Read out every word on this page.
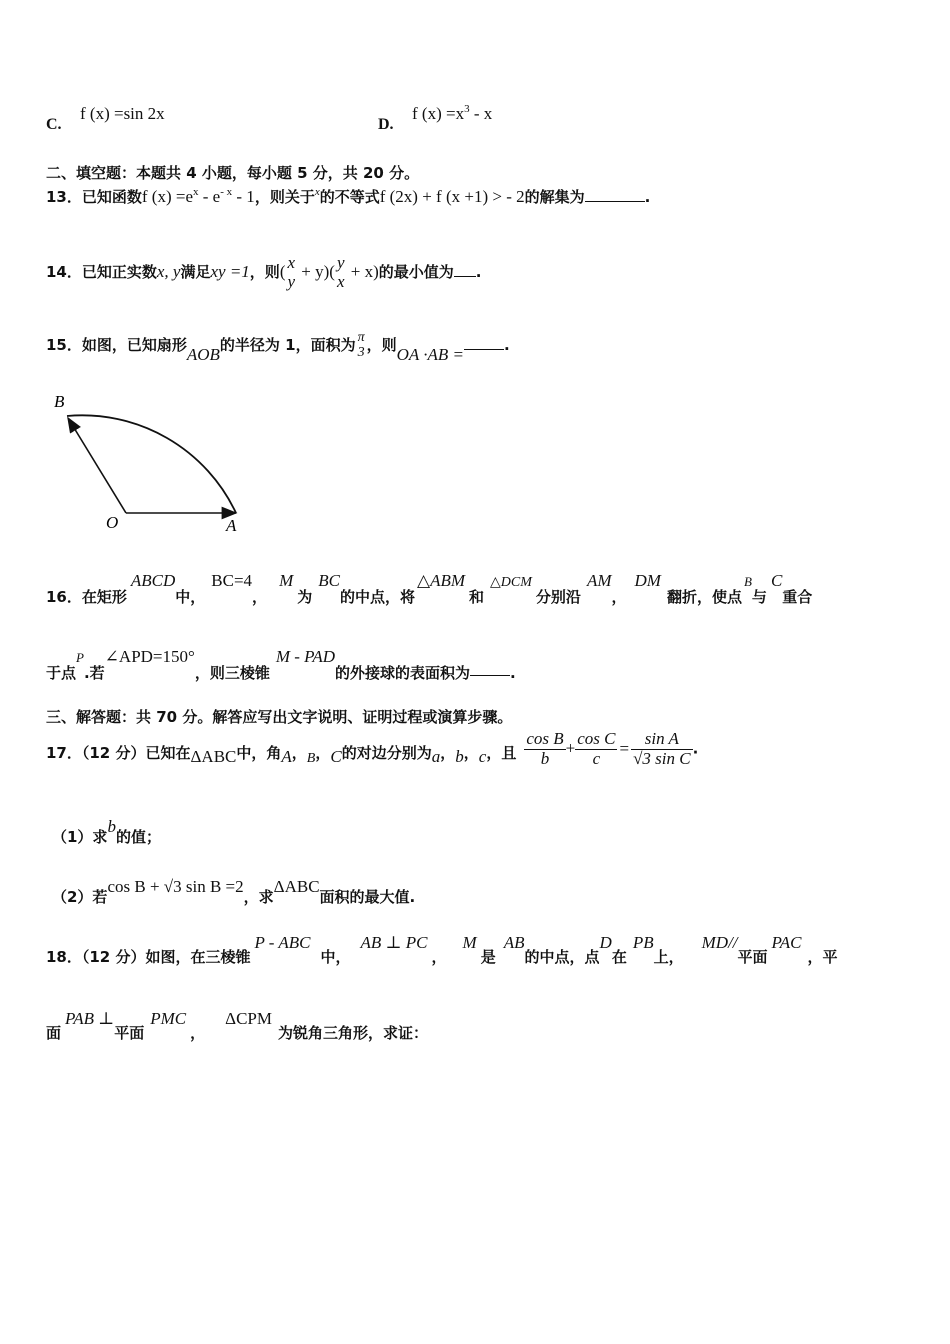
C.
f (x) =sin 2x
D.
f $(x) =x^3 - x$
二、填空题：本题共 4 小题，每小题 5 分，共 20 分。
13．已知函数f $(x) =e^x - e^{- x} - 1$，则关于$^x$的不等式f (2x) + f (x +1) > - 2的解集为	.
14．已知正实数x, y满足xy =1，则( x
y + y)( y
x + x)的最小值为 .
15．如图，已知扇形AOB的半径为 1，面积为 π
3 ，则OA ·AB =	.
B
O	A
16．在矩形ABCD中，BC=4，M为BC的中点，将△ABM和△DCM分别沿AM，DM翻折，使点B与C重合
于点P.若∠APD=150°，则三棱锥M - PAD的外接球的表面积为	.
三、解答题：共 70 分。解答应写出文字说明、证明过程或演算步骤。
17．（12 分）已知在ΔABC中，角A，B，C的对边分别为a，b，c，且 $\frac{\text{cos B}}{b} + \frac{\text{cos C}}{c} = \frac{\text{sin A}}{\text{√3 sin C}}$ .
（1）求b的值；
（2）若cos B + √3 sin B =2，求ΔABC面积的最大值.
18．（12 分）如图，在三棱锥P - ABC中，AB ⊥ PC，M是AB的中点，点D在PB上，MD//平面PAC，平
面PAB ⊥平面PMC，ΔCPM为锐角三角形，求证：
